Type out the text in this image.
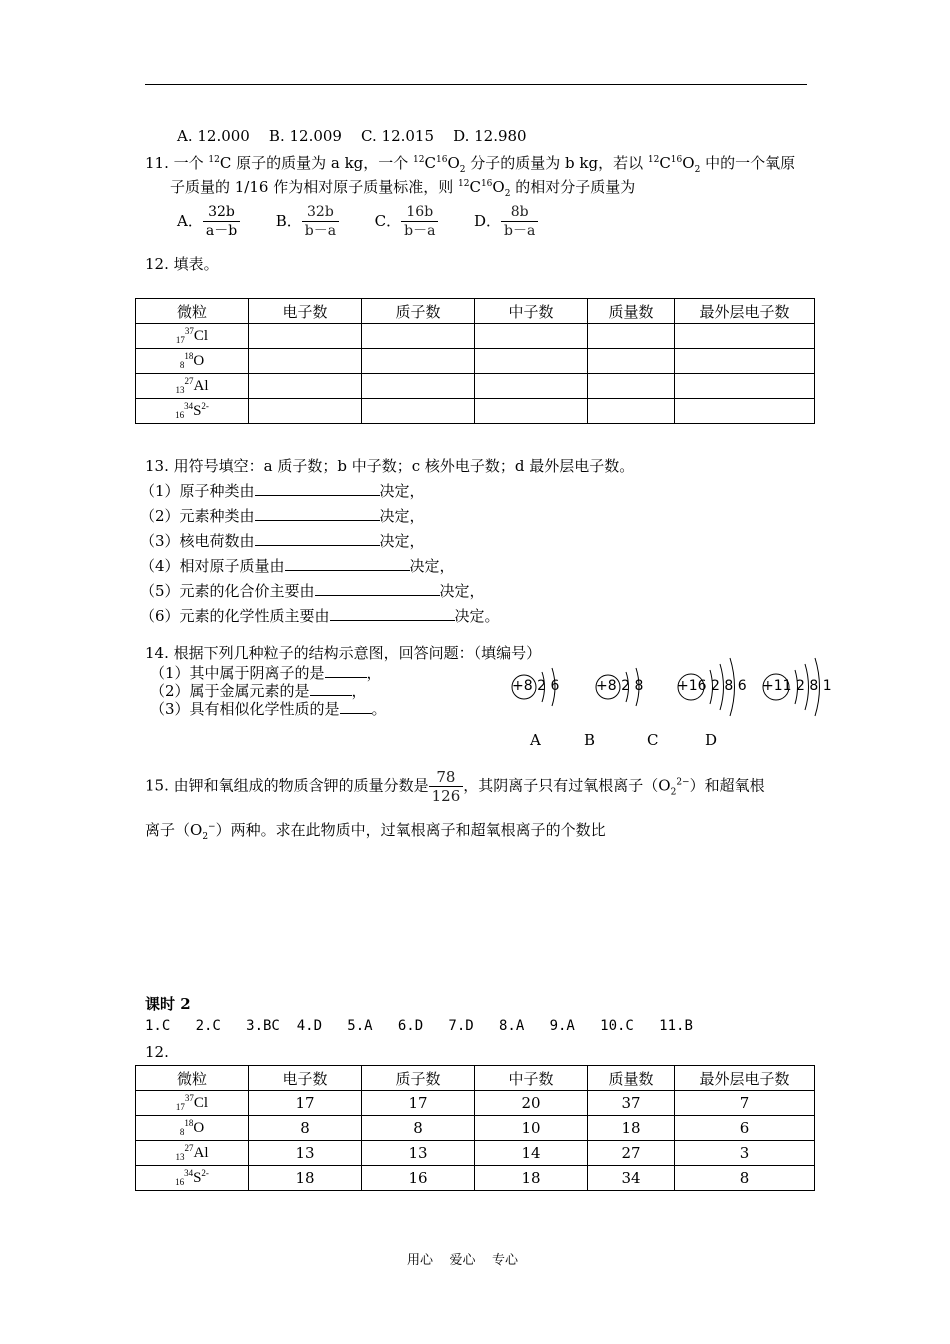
A. 12.000    B. 12.009    C. 12.015    D. 12.980
11. 一个 $^{12}$C 原子的质量为 a kg，一个 $^{12}C^{16}O_2$ 分子的质量为 b kg，若以 $^{12}C^{16}O_2$ 中的一个氧原
子质量的 1/16 作为相对原子质量标准，则 $^{12}C^{16}O_2$ 的相对分子质量为
A． $\frac{32b}{a-b}$ B． $\frac{32b}{b-a}$ C． $\frac{16b}{b-a}$ D． $\frac{8b}{b-a}$
12. 填表。
微粒	电子数	质子数	中子数	质量数	最外层电子数
$_{17}^{37}$Cl					
$_8^{18}$O					
$_{13}^{27}$Al					
$_{16}^{34}S^{2-}$					
13. 用符号填空：a 质子数；b 中子数；c 核外电子数；d 最外层电子数。
（1）原子种类由	决定，
（2）元素种类由	决定，
（3）核电荷数由	决定，
（4）相对原子质量由	决定，
（5）元素的化合价主要由	决定，
（6）元素的化学性质主要由	决定。
14. 根据下列几种粒子的结构示意图，回答问题：（填编号）
（1）其中属于阴离子的是	，
（2）属于金属元素的是	，
（3）具有相似化学性质的是 。
+8 2 6	+8 2 8 +16 2 8 6 +11 2 8 1
A	B	C	D
15. 由钾和氧组成的物质含钾的质量分数是 $\frac{78}{126}$ ，其阴离子只有过氧根离子$(O_2^{2-})$和超氧根
离子$(O_2^-)$两种。求在此物质中，过氧根离子和超氧根离子的个数比
课时 2
1.C   2.C   3.BC  4.D   5.A   6.D   7.D   8.A   9.A   10.C   11.B
12.
微粒	电子数	质子数	中子数	质量数	最外层电子数
$_{17}^{37}$Cl	17	17	20	37	7
$_8^{18}$O	8	8	10	18	6
$_{13}^{27}$Al	13	13	14	27	3
$_{16}^{34}S^{2-}$	18	16	18	34	8
用心    爱心    专心
